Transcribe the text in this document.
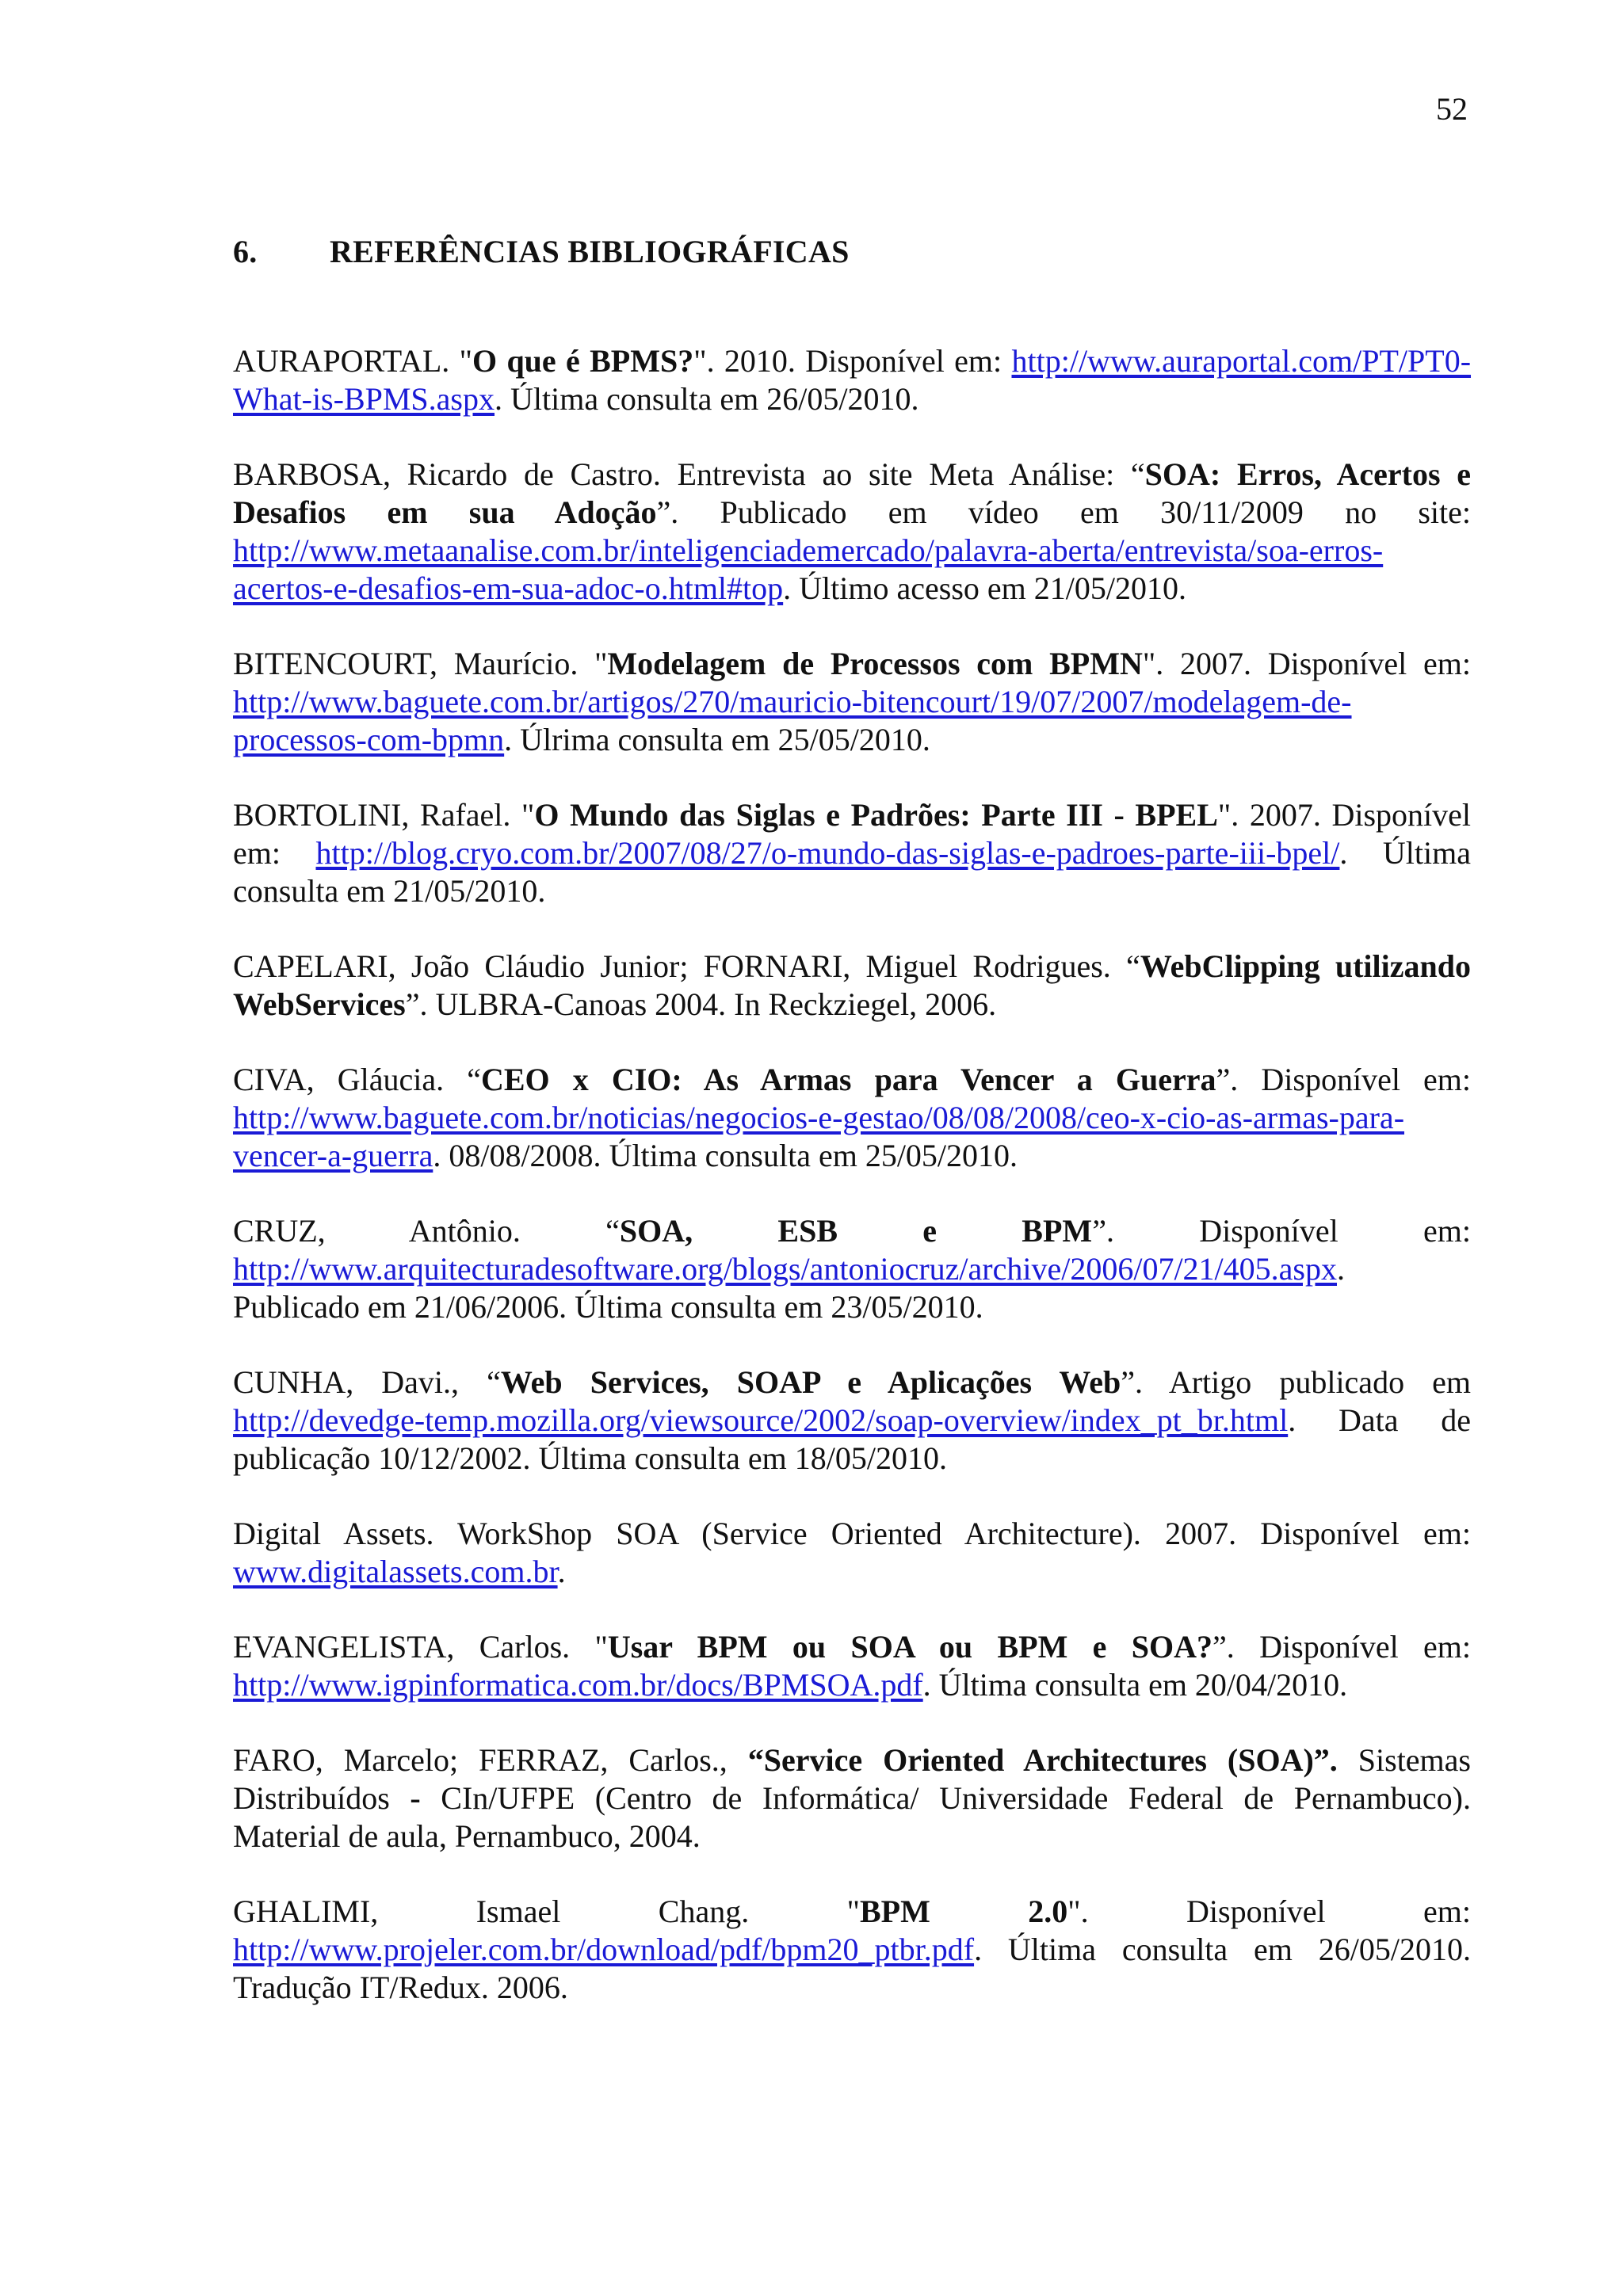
52
6. REFERÊNCIAS BIBLIOGRÁFICAS

AURAPORTAL. "O que é BPMS?". 2010. Disponível em: http://www.auraportal.com/PT/PT0-What-is-BPMS.aspx. Última consulta em 26/05/2010.

BARBOSA, Ricardo de Castro. Entrevista ao site Meta Análise: “SOA: Erros, Acertos e Desafios em sua Adoção”. Publicado em vídeo em 30/11/2009 no site: http://www.metaanalise.com.br/inteligenciademercado/palavra-aberta/entrevista/soa-erros-acertos-e-desafios-em-sua-adoc-o.html#top. Último acesso em 21/05/2010.

BITENCOURT, Maurício. "Modelagem de Processos com BPMN". 2007. Disponível em: http://www.baguete.com.br/artigos/270/mauricio-bitencourt/19/07/2007/modelagem-de-processos-com-bpmn. Úlrima consulta em 25/05/2010.

BORTOLINI, Rafael. "O Mundo das Siglas e Padrões: Parte III - BPEL". 2007. Disponível em: http://blog.cryo.com.br/2007/08/27/o-mundo-das-siglas-e-padroes-parte-iii-bpel/. Última consulta em 21/05/2010.

CAPELARI, João Cláudio Junior; FORNARI, Miguel Rodrigues. “WebClipping utilizando WebServices”. ULBRA-Canoas 2004. In Reckziegel, 2006.

CIVA, Gláucia. “CEO x CIO: As Armas para Vencer a Guerra”. Disponível em: http://www.baguete.com.br/noticias/negocios-e-gestao/08/08/2008/ceo-x-cio-as-armas-para-vencer-a-guerra. 08/08/2008. Última consulta em 25/05/2010.

CRUZ, Antônio. “SOA, ESB e BPM”. Disponível em: http://www.arquitecturadesoftware.org/blogs/antoniocruz/archive/2006/07/21/405.aspx. Publicado em 21/06/2006. Última consulta em 23/05/2010.

CUNHA, Davi., “Web Services, SOAP e Aplicações Web”. Artigo publicado em http://devedge-temp.mozilla.org/viewsource/2002/soap-overview/index_pt_br.html. Data de publicação 10/12/2002. Última consulta em 18/05/2010.

Digital Assets. WorkShop SOA (Service Oriented Architecture). 2007. Disponível em: www.digitalassets.com.br.

EVANGELISTA, Carlos. "Usar BPM ou SOA ou BPM e SOA?”. Disponível em: http://www.igpinformatica.com.br/docs/BPMSOA.pdf. Última consulta em 20/04/2010.

FARO, Marcelo; FERRAZ, Carlos., “Service Oriented Architectures (SOA)”. Sistemas Distribuídos - CIn/UFPE (Centro de Informática/ Universidade Federal de Pernambuco). Material de aula, Pernambuco, 2004.

GHALIMI, Ismael Chang. "BPM 2.0". Disponível em: http://www.projeler.com.br/download/pdf/bpm20_ptbr.pdf. Última consulta em 26/05/2010. Tradução IT/Redux. 2006.
